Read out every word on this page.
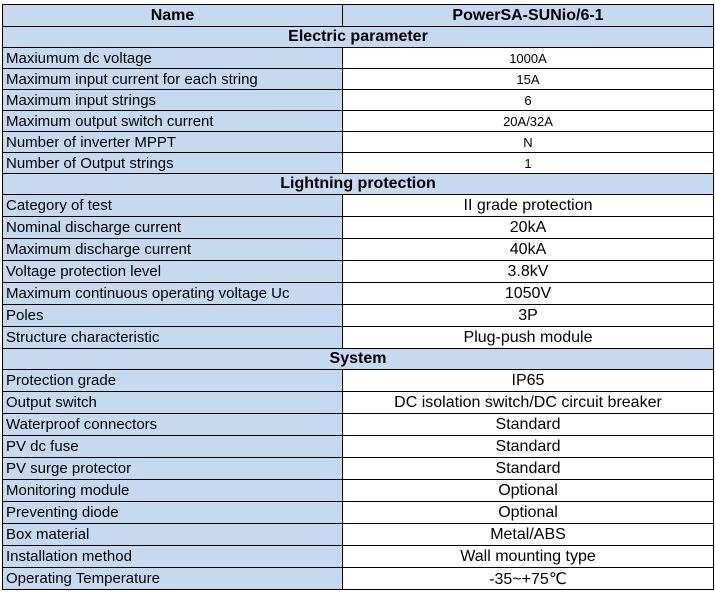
Name	PowerSA-SUNio/6-1
Electric parameter	
Maxiumum dc voltage	1000A
Maximum input current for each string	15A
Maximum input strings	6
Maximum output switch current	20A/32A
Number of inverter MPPT	N
Number of Output strings	1
Lightning protection	
Category of test	II grade protection
Nominal discharge current	20kA
Maximum discharge current	40kA
Voltage protection level	3.8kV
Maximum continuous operating voltage Uc	1050V
Poles	3P
Structure characteristic	Plug-push module
System	
Protection grade	IP65
Output switch	DC isolation switch/DC circuit breaker
Waterproof connectors	Standard
PV dc fuse	Standard
PV surge protector	Standard
Monitoring module	Optional
Preventing diode	Optional
Box material	Metal/ABS
Installation method	Wall mounting type
Operating Temperature	-35~+75℃
